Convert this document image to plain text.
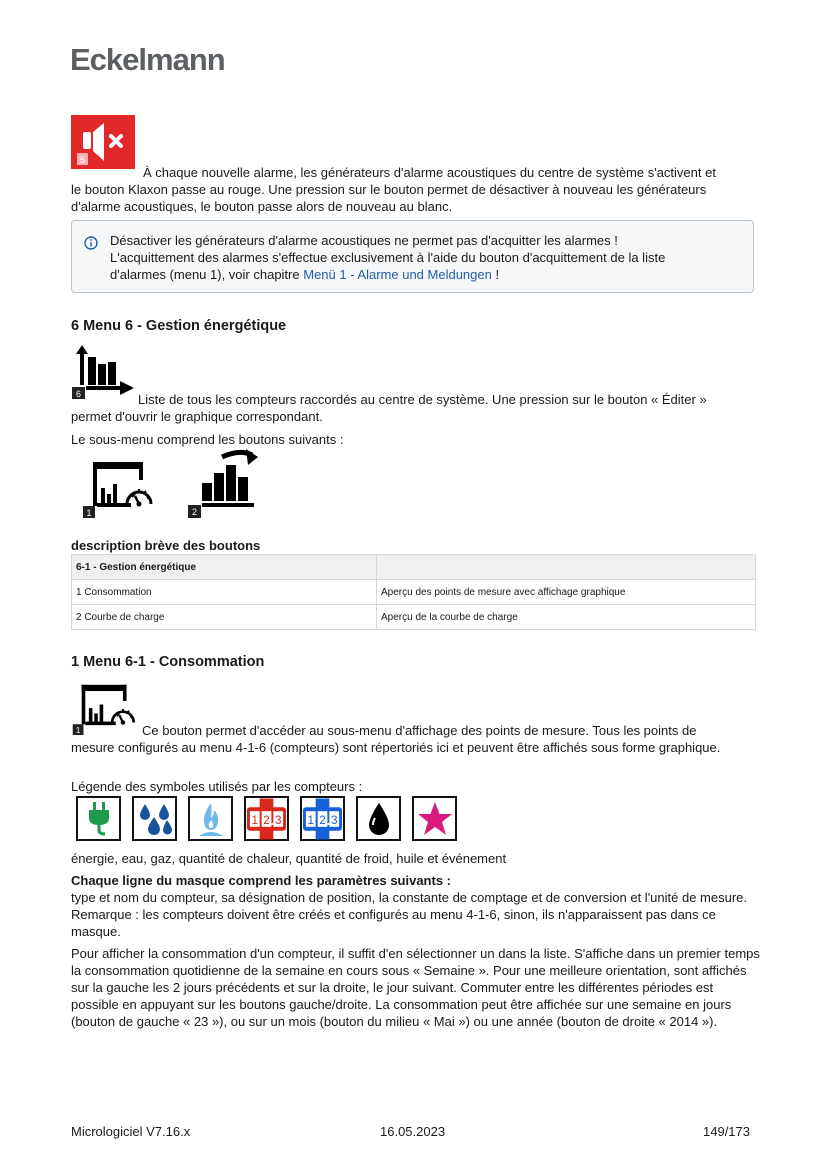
Eckelmann
5
À chaque nouvelle alarme, les générateurs d'alarme acoustiques du centre de système s'activent et
le bouton Klaxon passe au rouge. Une pression sur le bouton permet de désactiver à nouveau les générateurs d'alarme acoustiques, le bouton passe alors de nouveau au blanc.
Désactiver les générateurs d'alarme acoustiques ne permet pas d'acquitter les alarmes !
L'acquittement des alarmes s'effectue exclusivement à l'aide du bouton d'acquittement de la liste
d'alarmes (menu 1), voir chapitre Menü 1 - Alarme und Meldungen !
6 Menu 6 - Gestion énergétique
6	Liste de tous les compteurs raccordés au centre de système. Une pression sur le bouton « Éditer »
permet d'ouvrir le graphique correspondant.
Le sous-menu comprend les boutons suivants :
1	2
description brève des boutons
6-1 - Gestion énergétique	
1 Consommation	Aperçu des points de mesure avec affichage graphique
2 Courbe de charge	Aperçu de la courbe de charge
1 Menu 6-1 - Consommation
1	Ce bouton permet d'accéder au sous-menu d'affichage des points de mesure. Tous les points de
mesure configurés au menu 4-1-6 (compteurs) sont répertoriés ici et peuvent être affichés sous forme graphique.
Légende des symboles utilisés par les compteurs :
1 2 3 1 2 3
énergie, eau, gaz, quantité de chaleur, quantité de froid, huile et événement
Chaque ligne du masque comprend les paramètres suivants :
type et nom du compteur, sa désignation de position, la constante de comptage et de conversion et l'unité de mesure. Remarque : les compteurs doivent être créés et configurés au menu 4-1-6, sinon, ils n'apparaissent pas dans ce masque.
Pour afficher la consommation d'un compteur, il suffit d'en sélectionner un dans la liste. S'affiche dans un premier temps la consommation quotidienne de la semaine en cours sous « Semaine ». Pour une meilleure orientation, sont affichés sur la gauche les 2 jours précédents et sur la droite, le jour suivant. Commuter entre les différentes périodes est possible en appuyant sur les boutons gauche/droite. La consommation peut être affichée sur une semaine en jours (bouton de gauche « 23 »), ou sur un mois (bouton du milieu « Mai ») ou une année (bouton de droite « 2014 »).
Micrologiciel V7.16.x	16.05.2023	149/173
